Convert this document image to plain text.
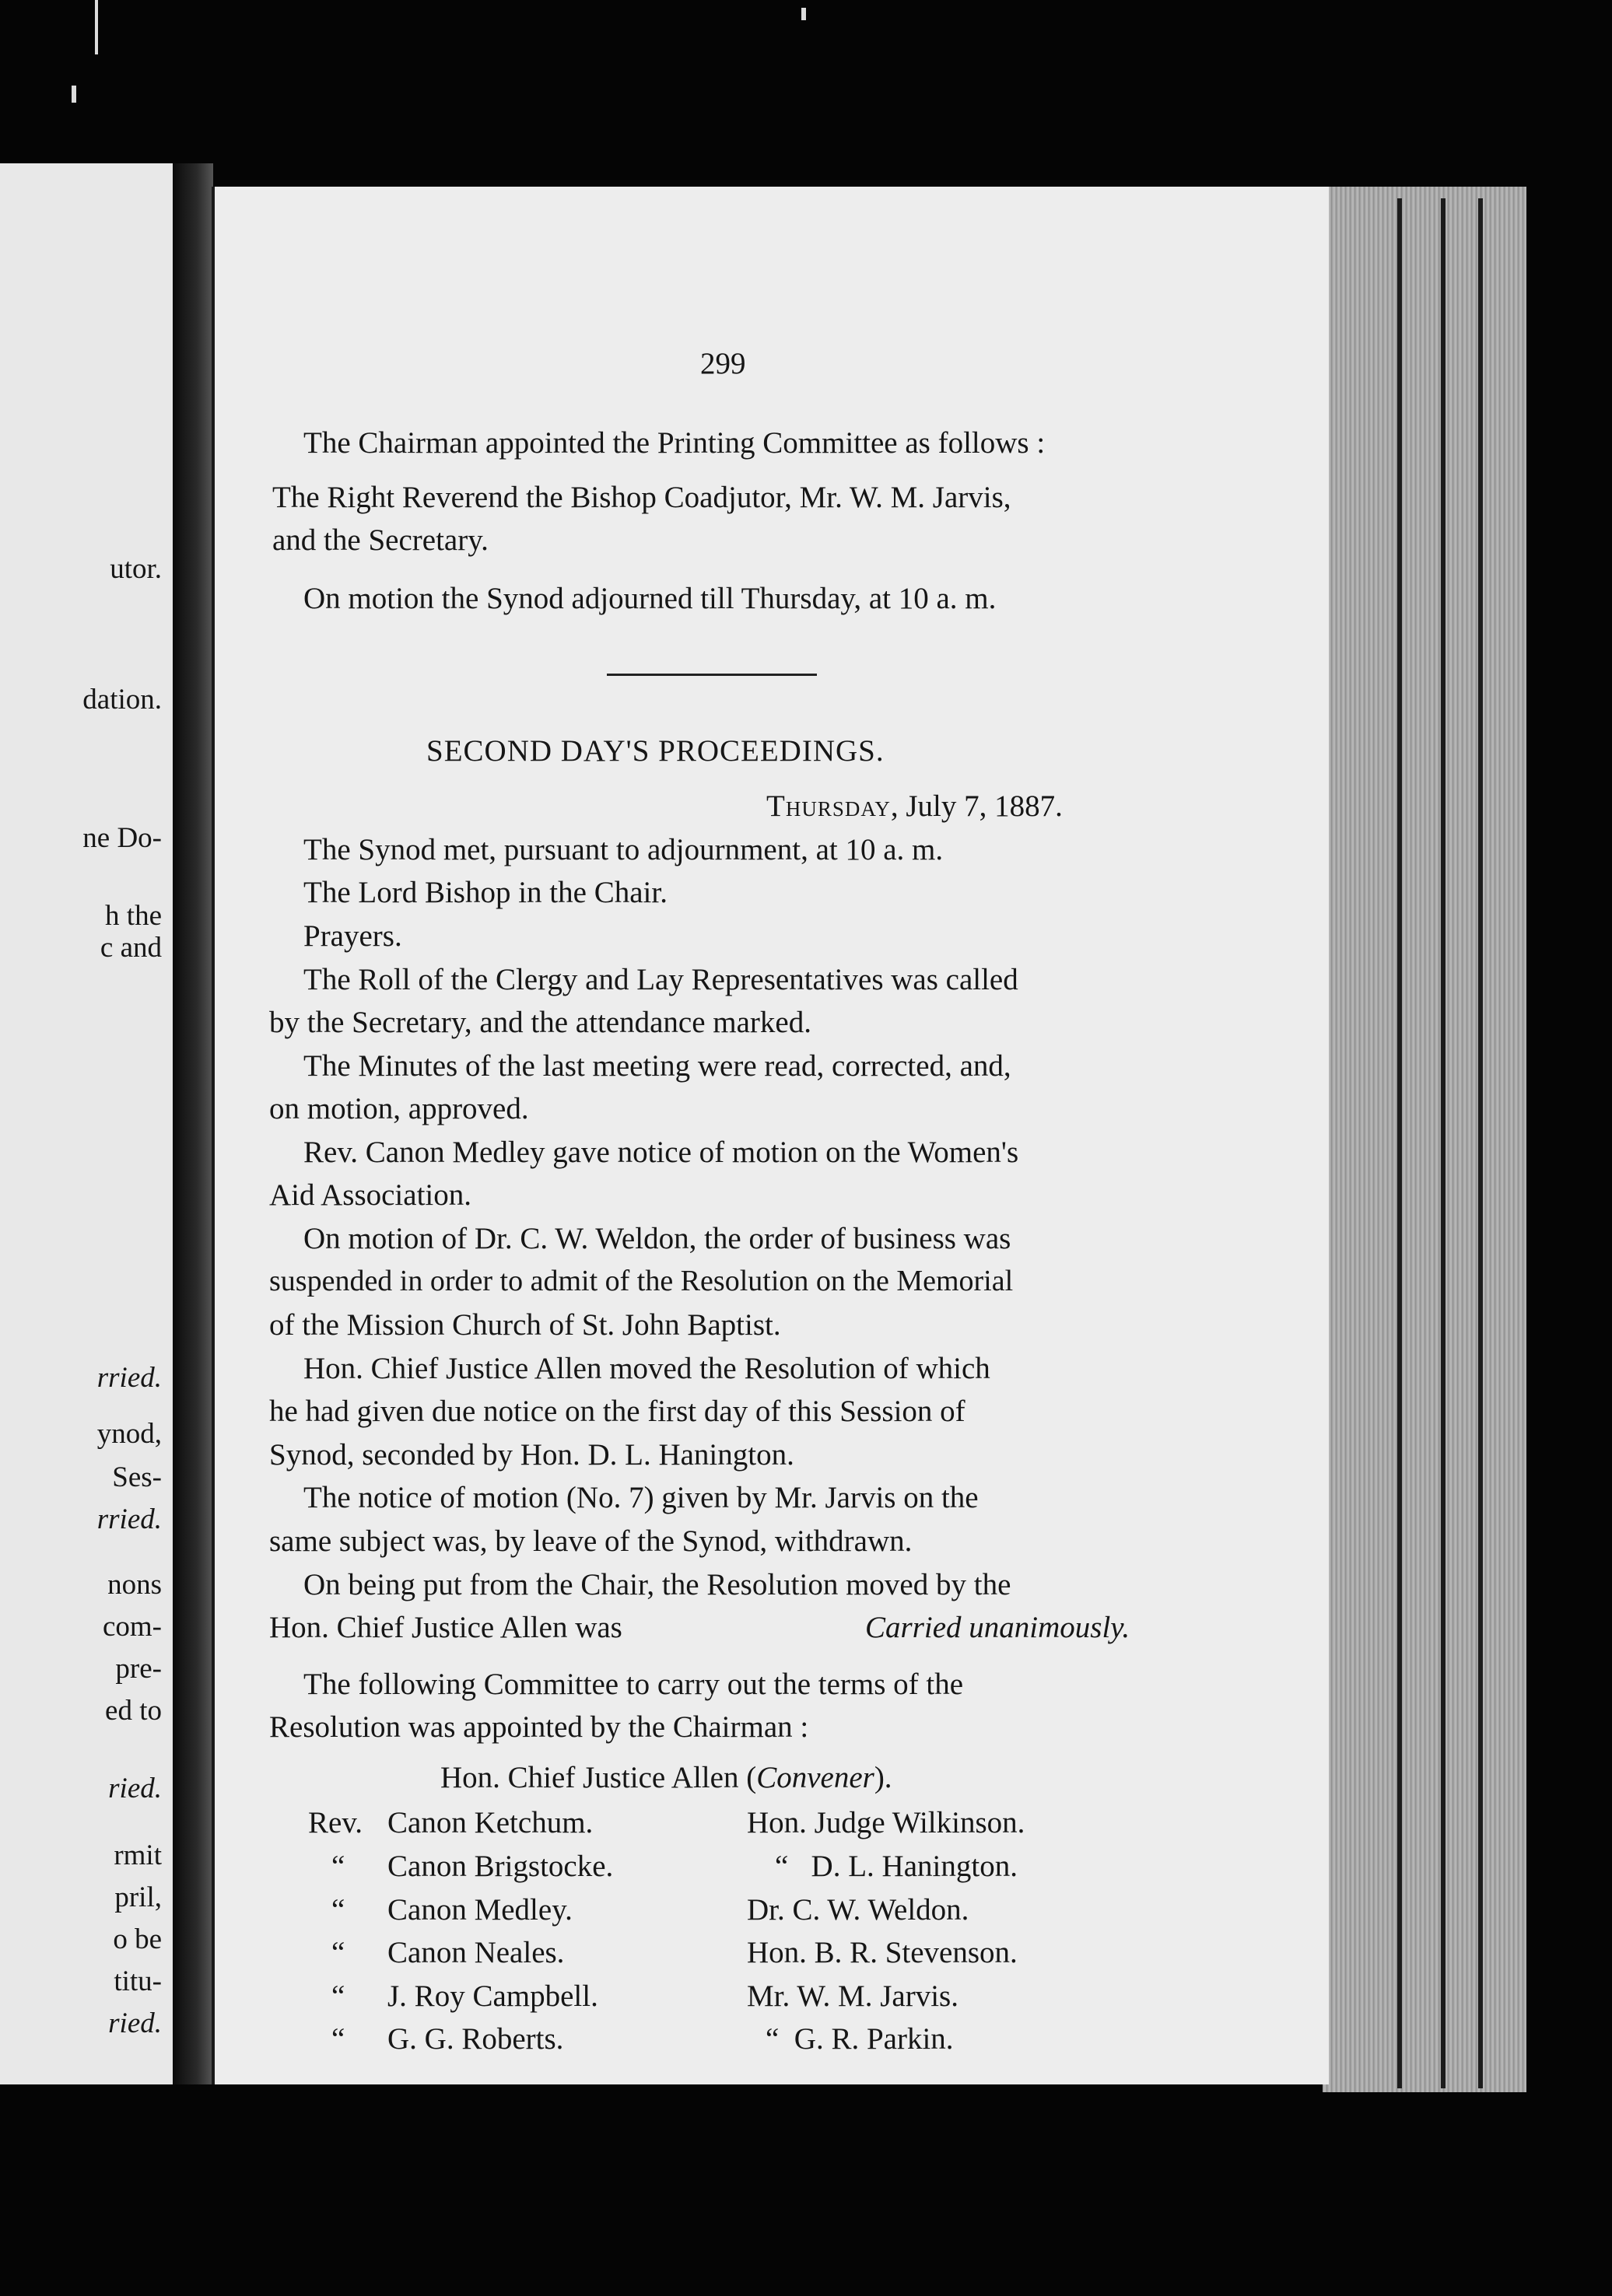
utor.
dation.
ne Do-
h the
c and
rried.
ynod,
Ses-
rried.
nons
com-
pre-
ed to
ried.
rmit
pril,
o be
titu-
ried.
299
The Chairman appointed the Printing Committee as follows :
The Right Reverend the Bishop Coadjutor, Mr. W. M. Jarvis,
and the Secretary.
On motion the Synod adjourned till Thursday, at 10 a. m.
SECOND DAY'S PROCEEDINGS.
Thursday, July 7, 1887.
The Synod met, pursuant to adjournment, at 10 a. m.
The Lord Bishop in the Chair.
Prayers.
The Roll of the Clergy and Lay Representatives was called
by the Secretary, and the attendance marked.
The Minutes of the last meeting were read, corrected, and,
on motion, approved.
Rev. Canon Medley gave notice of motion on the Women's
Aid Association.
On motion of Dr. C. W. Weldon, the order of business was
suspended in order to admit of the Resolution on the Memorial
of the Mission Church of St. John Baptist.
Hon. Chief Justice Allen moved the Resolution of which
he had given due notice on the first day of this Session of
Synod, seconded by Hon. D. L. Hanington.
The notice of motion (No. 7) given by Mr. Jarvis on the
same subject was, by leave of the Synod, withdrawn.
On being put from the Chair, the Resolution moved by the
Hon. Chief Justice Allen was	Carried unanimously.
The following Committee to carry out the terms of the
Resolution was appointed by the Chairman :
Hon. Chief Justice Allen (Convener).
Rev.
“
“
“
“
“
Canon Ketchum.
Canon Brigstocke.
Canon Medley.
Canon Neales.
J. Roy Campbell.
G. G. Roberts.
Hon. Judge Wilkinson.
“   D. L. Hanington.
Dr. C. W. Weldon.
Hon. B. R. Stevenson.
Mr. W. M. Jarvis.
“  G. R. Parkin.
